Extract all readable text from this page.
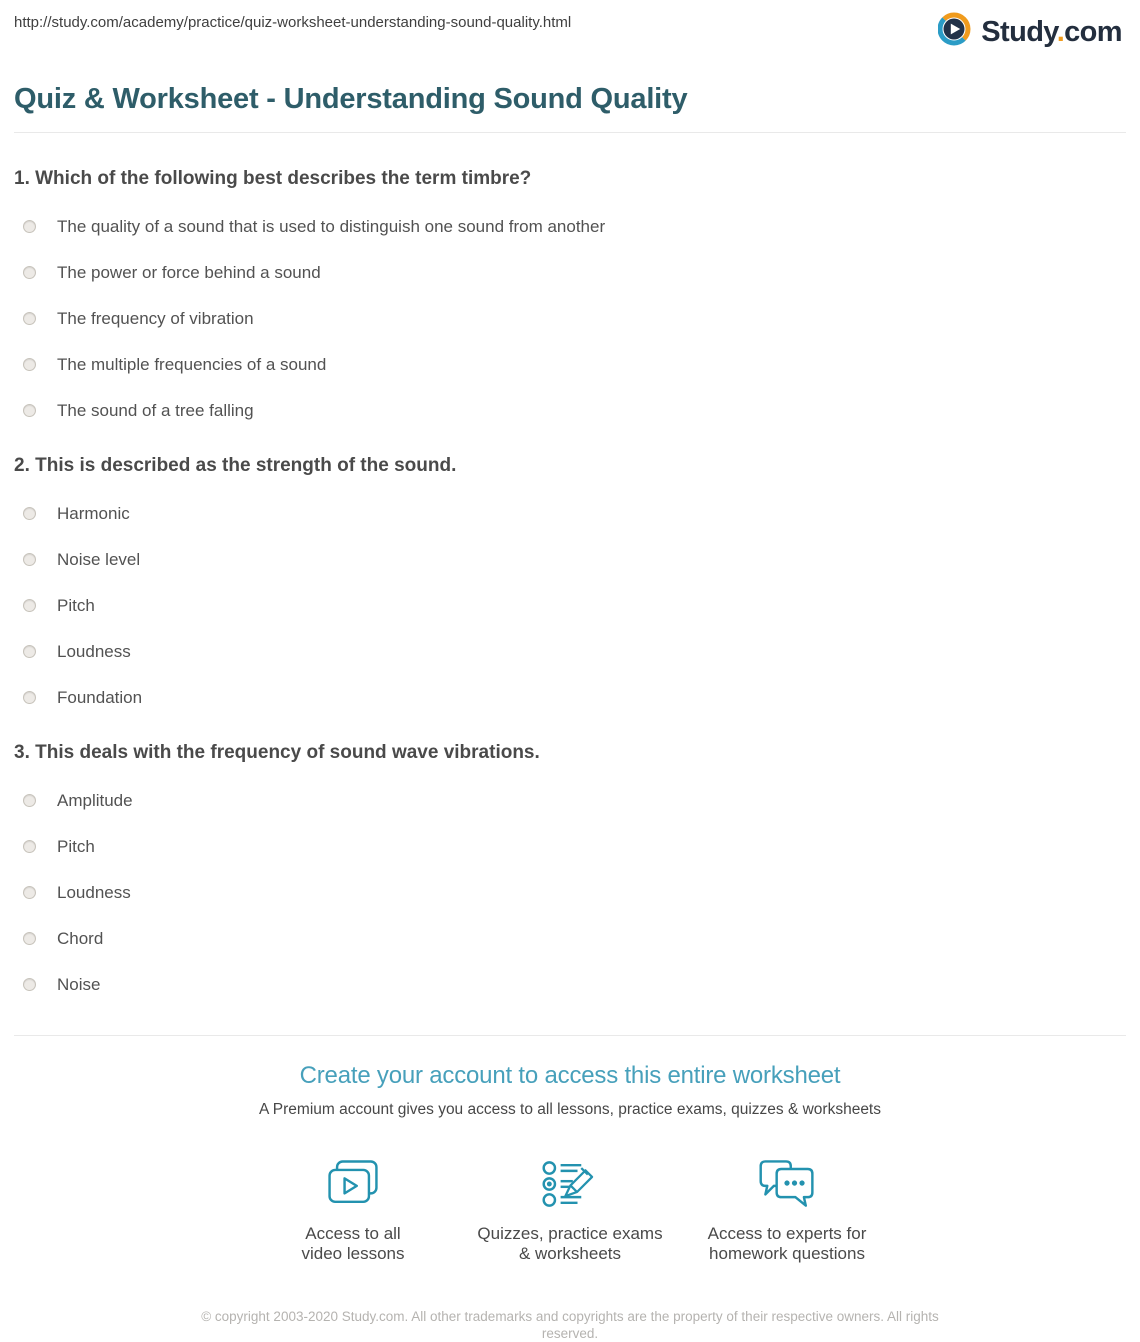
http://study.com/academy/practice/quiz-worksheet-understanding-sound-quality.html	Study.com
Quiz & Worksheet - Understanding Sound Quality
1. Which of the following best describes the term timbre?
The quality of a sound that is used to distinguish one sound from another
The power or force behind a sound
The frequency of vibration
The multiple frequencies of a sound
The sound of a tree falling
2. This is described as the strength of the sound.
Harmonic
Noise level
Pitch
Loudness
Foundation
3. This deals with the frequency of sound wave vibrations.
Amplitude
Pitch
Loudness
Chord
Noise
Create your account to access this entire worksheet

A Premium account gives you access to all lessons, practice exams, quizzes & worksheets

Access to all
video lessons
Quizzes, practice exams
& worksheets
Access to experts for
homework questions
© copyright 2003-2020 Study.com. All other trademarks and copyrights are the property of their respective owners. All rights reserved.
